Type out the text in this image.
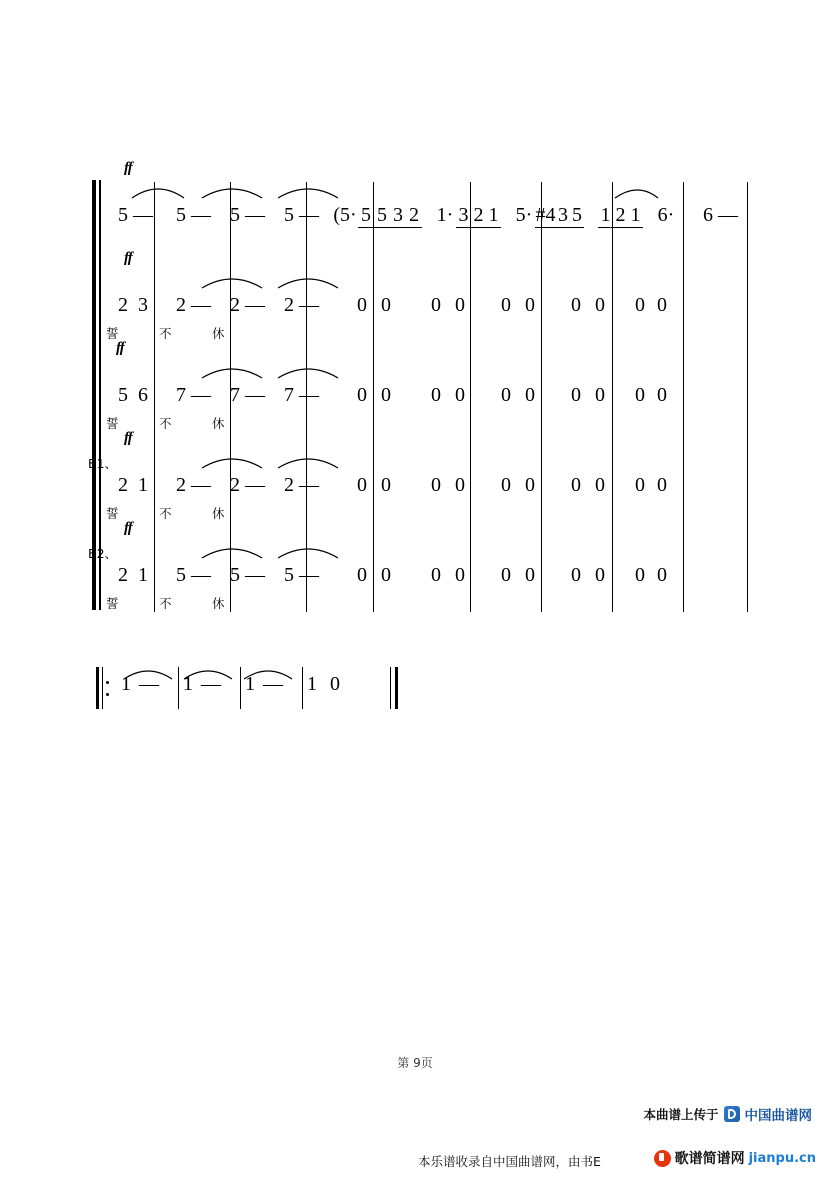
ff
5 — 5 — 5 — 5 — (5· 5 5 3 2 1· 3 2 1 5· #4 3 5 1 2 1 6· 6 —
ff
2 3 2 — 2 — 2 — 0 0 0 0 0 0 0 0 0 0
誓　不　休
ff
5 6 7 — 7 — 7 — 0 0 0 0 0 0 0 0 0 0
誓　不　休
ff
B1、
2 1 2 — 2 — 2 — 0 0 0 0 0 0 0 0 0 0
誓　不　休
ff
B2、
2 1 5 — 5 — 5 — 0 0 0 0 0 0 0 0 0 0
誓　不　休
1 — 1 — 1 — 1 0
第 9页
本曲谱上传于 中国曲谱网
本乐谱收录自中国曲谱网，由书E	歌谱简谱网 jianpu.cn
